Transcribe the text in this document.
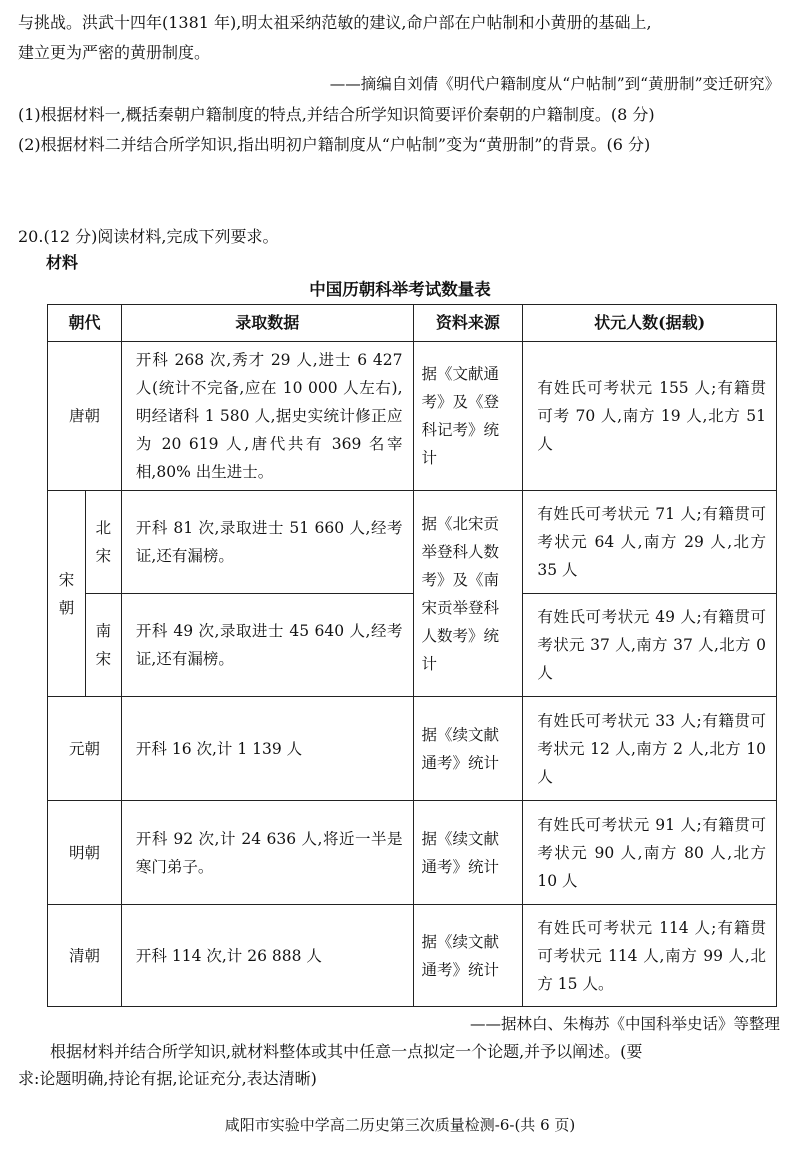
与挑战。洪武十四年(1381 年),明太祖采纳范敏的建议,命户部在户帖制和小黄册的基础上,
建立更为严密的黄册制度。
——摘编自刘倩《明代户籍制度从“户帖制”到“黄册制”变迁研究》
(1)根据材料一,概括秦朝户籍制度的特点,并结合所学知识简要评价秦朝的户籍制度。(8 分)
(2)根据材料二并结合所学知识,指出明初户籍制度从“户帖制”变为“黄册制”的背景。(6 分)
20.(12 分)阅读材料,完成下列要求。
材料
中国历朝科举考试数量表
朝代		录取数据	资料来源	状元人数(据载)
唐朝		开科 268 次,秀才 29 人,进士 6 427 人(统计不完备,应在 10 000 人左右),明经诸科 1 580 人,据史实统计修正应为 20 619 人,唐代共有 369 名宰相,80% 出生进士。	据《文献通考》及《登科记考》统计	有姓氏可考状元 155 人;有籍贯可考 70 人,南方 19 人,北方 51 人

宋朝	北宋	开科 81 次,录取进士 51 660 人,经考证,还有漏榜。	据《北宋贡举登科人数考》及《南宋贡举登科人数考》统计	有姓氏可考状元 71 人;有籍贯可考状元 64 人,南方 29 人,北方 35 人

	南宋	开科 49 次,录取进士 45 640 人,经考证,还有漏榜。		有姓氏可考状元 49 人;有籍贯可考状元 37 人,南方 37 人,北方 0 人
元朝		开科 16 次,计 1 139 人	据《续文献通考》统计	有姓氏可考状元 33 人;有籍贯可考状元 12 人,南方 2 人,北方 10 人
明朝		开科 92 次,计 24 636 人,将近一半是寒门弟子。	据《续文献通考》统计	有姓氏可考状元 91 人;有籍贯可考状元 90 人,南方 80 人,北方 10 人
清朝		开科 114 次,计 26 888 人	据《续文献通考》统计	有姓氏可考状元 114 人;有籍贯可考状元 114 人,南方 99 人,北方 15 人。
——据林白、朱梅苏《中国科举史话》等整理
根据材料并结合所学知识,就材料整体或其中任意一点拟定一个论题,并予以阐述。(要
求:论题明确,持论有据,论证充分,表达清晰)
咸阳市实验中学高二历史第三次质量检测-6-(共 6 页)
